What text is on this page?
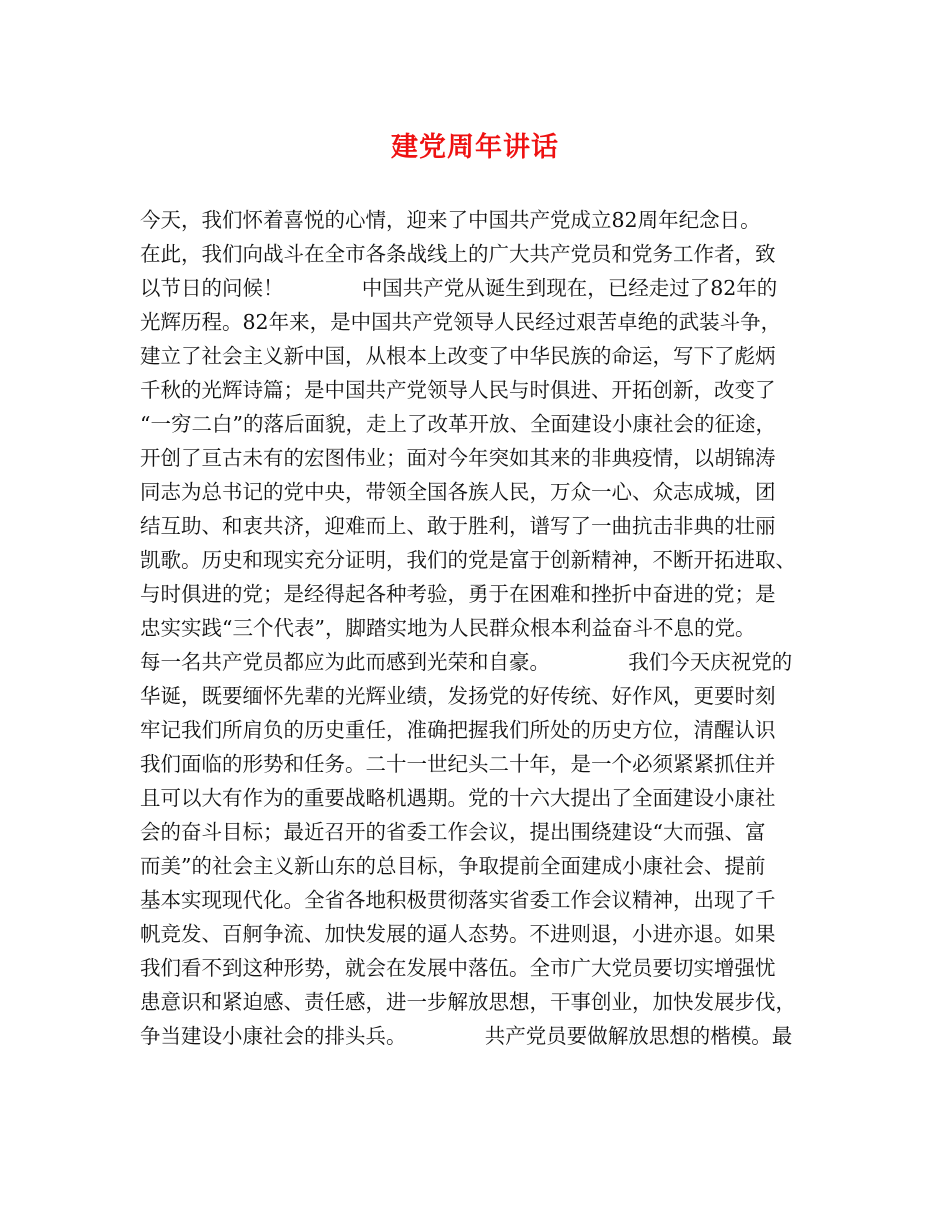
建党周年讲话
今天，我们怀着喜悦的心情，迎来了中国共产党成立82周年纪念日。
在此，我们向战斗在全市各条战线上的广大共产党员和党务工作者，致
以节日的问候！            中国共产党从诞生到现在，已经走过了82年的
光辉历程。82年来，是中国共产党领导人民经过艰苦卓绝的武装斗争，
建立了社会主义新中国，从根本上改变了中华民族的命运，写下了彪炳
千秋的光辉诗篇；是中国共产党领导人民与时俱进、开拓创新，改变了
“一穷二白”的落后面貌，走上了改革开放、全面建设小康社会的征途，
开创了亘古未有的宏图伟业；面对今年突如其来的非典疫情，以胡锦涛
同志为总书记的党中央，带领全国各族人民，万众一心、众志成城，团
结互助、和衷共济，迎难而上、敢于胜利，谱写了一曲抗击非典的壮丽
凯歌。历史和现实充分证明，我们的党是富于创新精神，不断开拓进取、
与时俱进的党；是经得起各种考验，勇于在困难和挫折中奋进的党；是
忠实实践“三个代表”，脚踏实地为人民群众根本利益奋斗不息的党。
每一名共产党员都应为此而感到光荣和自豪。            我们今天庆祝党的
华诞，既要缅怀先辈的光辉业绩，发扬党的好传统、好作风，更要时刻
牢记我们所肩负的历史重任，准确把握我们所处的历史方位，清醒认识
我们面临的形势和任务。二十一世纪头二十年，是一个必须紧紧抓住并
且可以大有作为的重要战略机遇期。党的十六大提出了全面建设小康社
会的奋斗目标；最近召开的省委工作会议，提出围绕建设“大而强、富
而美”的社会主义新山东的总目标，争取提前全面建成小康社会、提前
基本实现现代化。全省各地积极贯彻落实省委工作会议精神，出现了千
帆竞发、百舸争流、加快发展的逼人态势。不进则退，小进亦退。如果
我们看不到这种形势，就会在发展中落伍。全市广大党员要切实增强忧
患意识和紧迫感、责任感，进一步解放思想，干事创业，加快发展步伐，
争当建设小康社会的排头兵。            共产党员要做解放思想的楷模。最
